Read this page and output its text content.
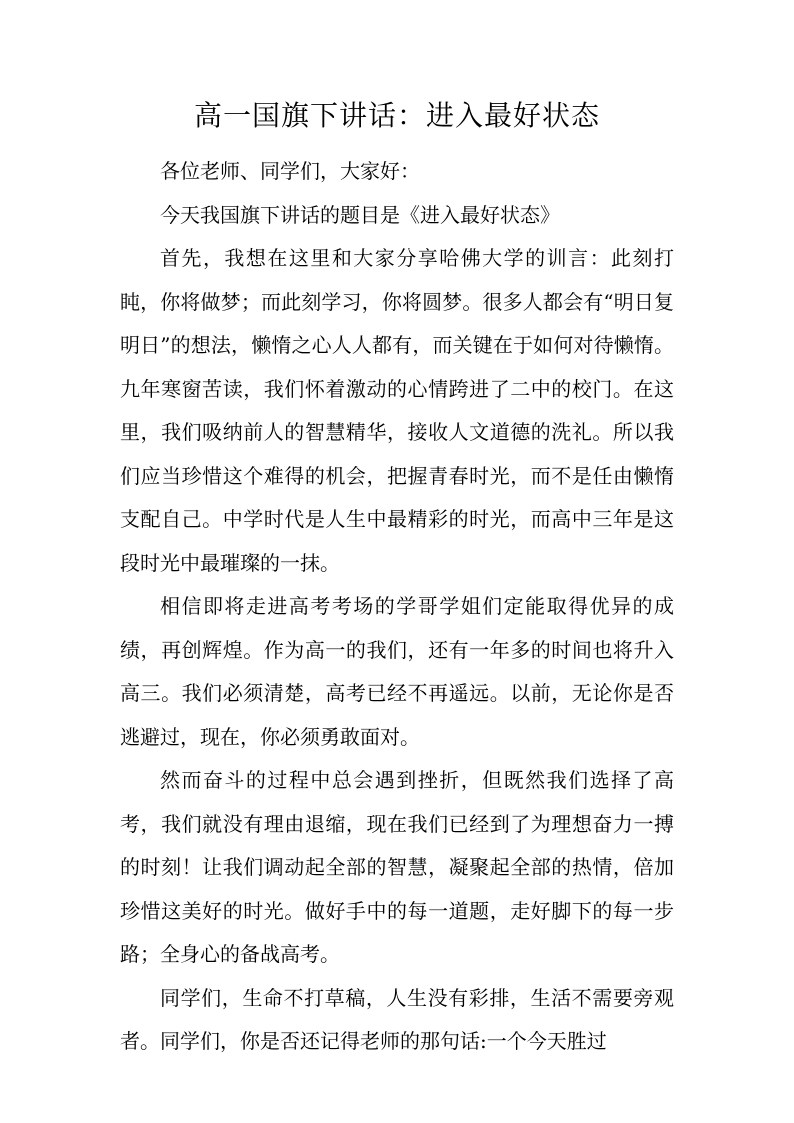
高一国旗下讲话：进入最好状态

各位老师、同学们，大家好：

今天我国旗下讲话的题目是《进入最好状态》

首先，我想在这里和大家分享哈佛大学的训言：此刻打盹，你将做梦；而此刻学习，你将圆梦。很多人都会有“明日复明日”的想法，懒惰之心人人都有，而关键在于如何对待懒惰。九年寒窗苦读，我们怀着激动的心情跨进了二中的校门。在这里，我们吸纳前人的智慧精华，接收人文道德的洗礼。所以我们应当珍惜这个难得的机会，把握青春时光，而不是任由懒惰支配自己。中学时代是人生中最精彩的时光，而高中三年是这段时光中最璀璨的一抹。

相信即将走进高考考场的学哥学姐们定能取得优异的成绩，再创辉煌。作为高一的我们，还有一年多的时间也将升入高三。我们必须清楚，高考已经不再遥远。以前，无论你是否逃避过，现在，你必须勇敢面对。

然而奋斗的过程中总会遇到挫折，但既然我们选择了高考，我们就没有理由退缩，现在我们已经到了为理想奋力一搏的时刻！让我们调动起全部的智慧，凝聚起全部的热情，倍加珍惜这美好的时光。做好手中的每一道题，走好脚下的每一步路；全身心的备战高考。

同学们，生命不打草稿，人生没有彩排，生活不需要旁观者。同学们，你是否还记得老师的那句话:一个今天胜过
